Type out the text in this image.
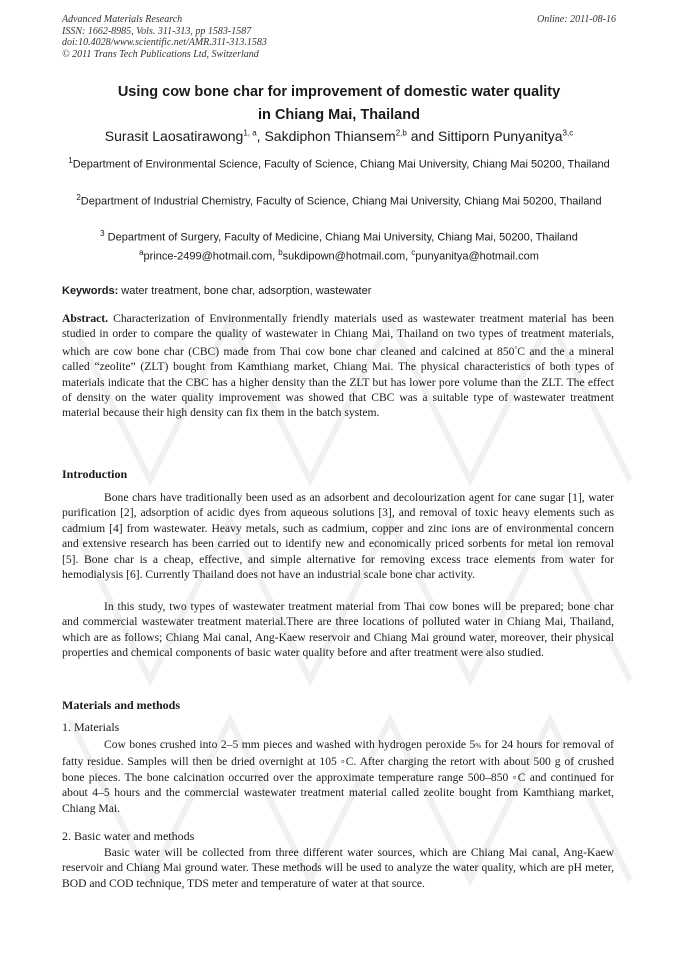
Advanced Materials Research
ISSN: 1662-8985, Vols. 311-313, pp 1583-1587
doi:10.4028/www.scientific.net/AMR.311-313.1583
© 2011 Trans Tech Publications Ltd, Switzerland
Online: 2011-08-16
Using cow bone char for improvement of domestic water quality
in Chiang Mai, Thailand
Surasit Laosatirawong$^{1, a}$, Sakdiphon Thiansem$^{2,b}$ and Sittiporn Punyanitya$^{3,c}$
$^1$Department of Environmental Science, Faculty of Science, Chiang Mai University, Chiang Mai 50200, Thailand
$^2$Department of Industrial Chemistry, Faculty of Science, Chiang Mai University, Chiang Mai 50200, Thailand
$^3$ Department of Surgery, Faculty of Medicine, Chiang Mai University, Chiang Mai, 50200, Thailand
$^a$prince-2499@hotmail.com, $^b$sukdipown@hotmail.com, $^c$punyanitya@hotmail.com
Keywords: water treatment, bone char, adsorption, wastewater
Abstract. Characterization of Environmentally friendly materials used as wastewater treatment material has been studied in order to compare the quality of wastewater in Chiang Mai, Thailand on two types of treatment materials, which are cow bone char (CBC) made from Thai cow bone char cleaned and calcined at 850°C and the a mineral called “zeolite” (ZLT) bought from Kamthiang market, Chiang Mai. The physical characteristics of both types of materials indicate that the CBC has a higher density than the ZLT but has lower pore volume than the ZLT. The effect of density on the water quality improvement was showed that CBC was a suitable type of wastewater treatment material because their high density can fix them in the batch system.
Introduction
Bone chars have traditionally been used as an adsorbent and decolourization agent for cane sugar [1], water purification [2], adsorption of acidic dyes from aqueous solutions [3], and removal of toxic heavy elements such as cadmium [4] from wastewater. Heavy metals, such as cadmium, copper and zinc ions are of environmental concern and extensive research has been carried out to identify new and economically priced sorbents for metal ion removal [5]. Bone char is a cheap, effective, and simple alternative for removing excess trace elements from water for hemodialysis [6]. Currently Thailand does not have an industrial scale bone char activity.
In this study, two types of wastewater treatment material from Thai cow bones will be prepared; bone char and commercial wastewater treatment material.There are three locations of polluted water in Chiang Mai, Thailand, which are as follows; Chiang Mai canal, Ang-Kaew reservoir and Chiang Mai ground water, moreover, their physical properties and chemical components of basic water quality before and after treatment were also studied.
Materials and methods
1. Materials
Cow bones crushed into 2–5 mm pieces and washed with hydrogen peroxide 5% for 24 hours for removal of fatty residue. Samples will then be dried overnight at 105 ◦C. After charging the retort with about 500 g of crushed bone pieces. The bone calcination occurred over the approximate temperature range 500–850 ◦C and continued for about 4–5 hours and the commercial wastewater treatment material called zeolite bought from Kamthiang market, Chiang Mai.
2. Basic water and methods
Basic water will be collected from three different water sources, which are Chiang Mai canal, Ang-Kaew reservoir and Chiang Mai ground water. These methods will be used to analyze the water quality, which are pH meter, BOD and COD technique, TDS meter and temperature of water at that source.
